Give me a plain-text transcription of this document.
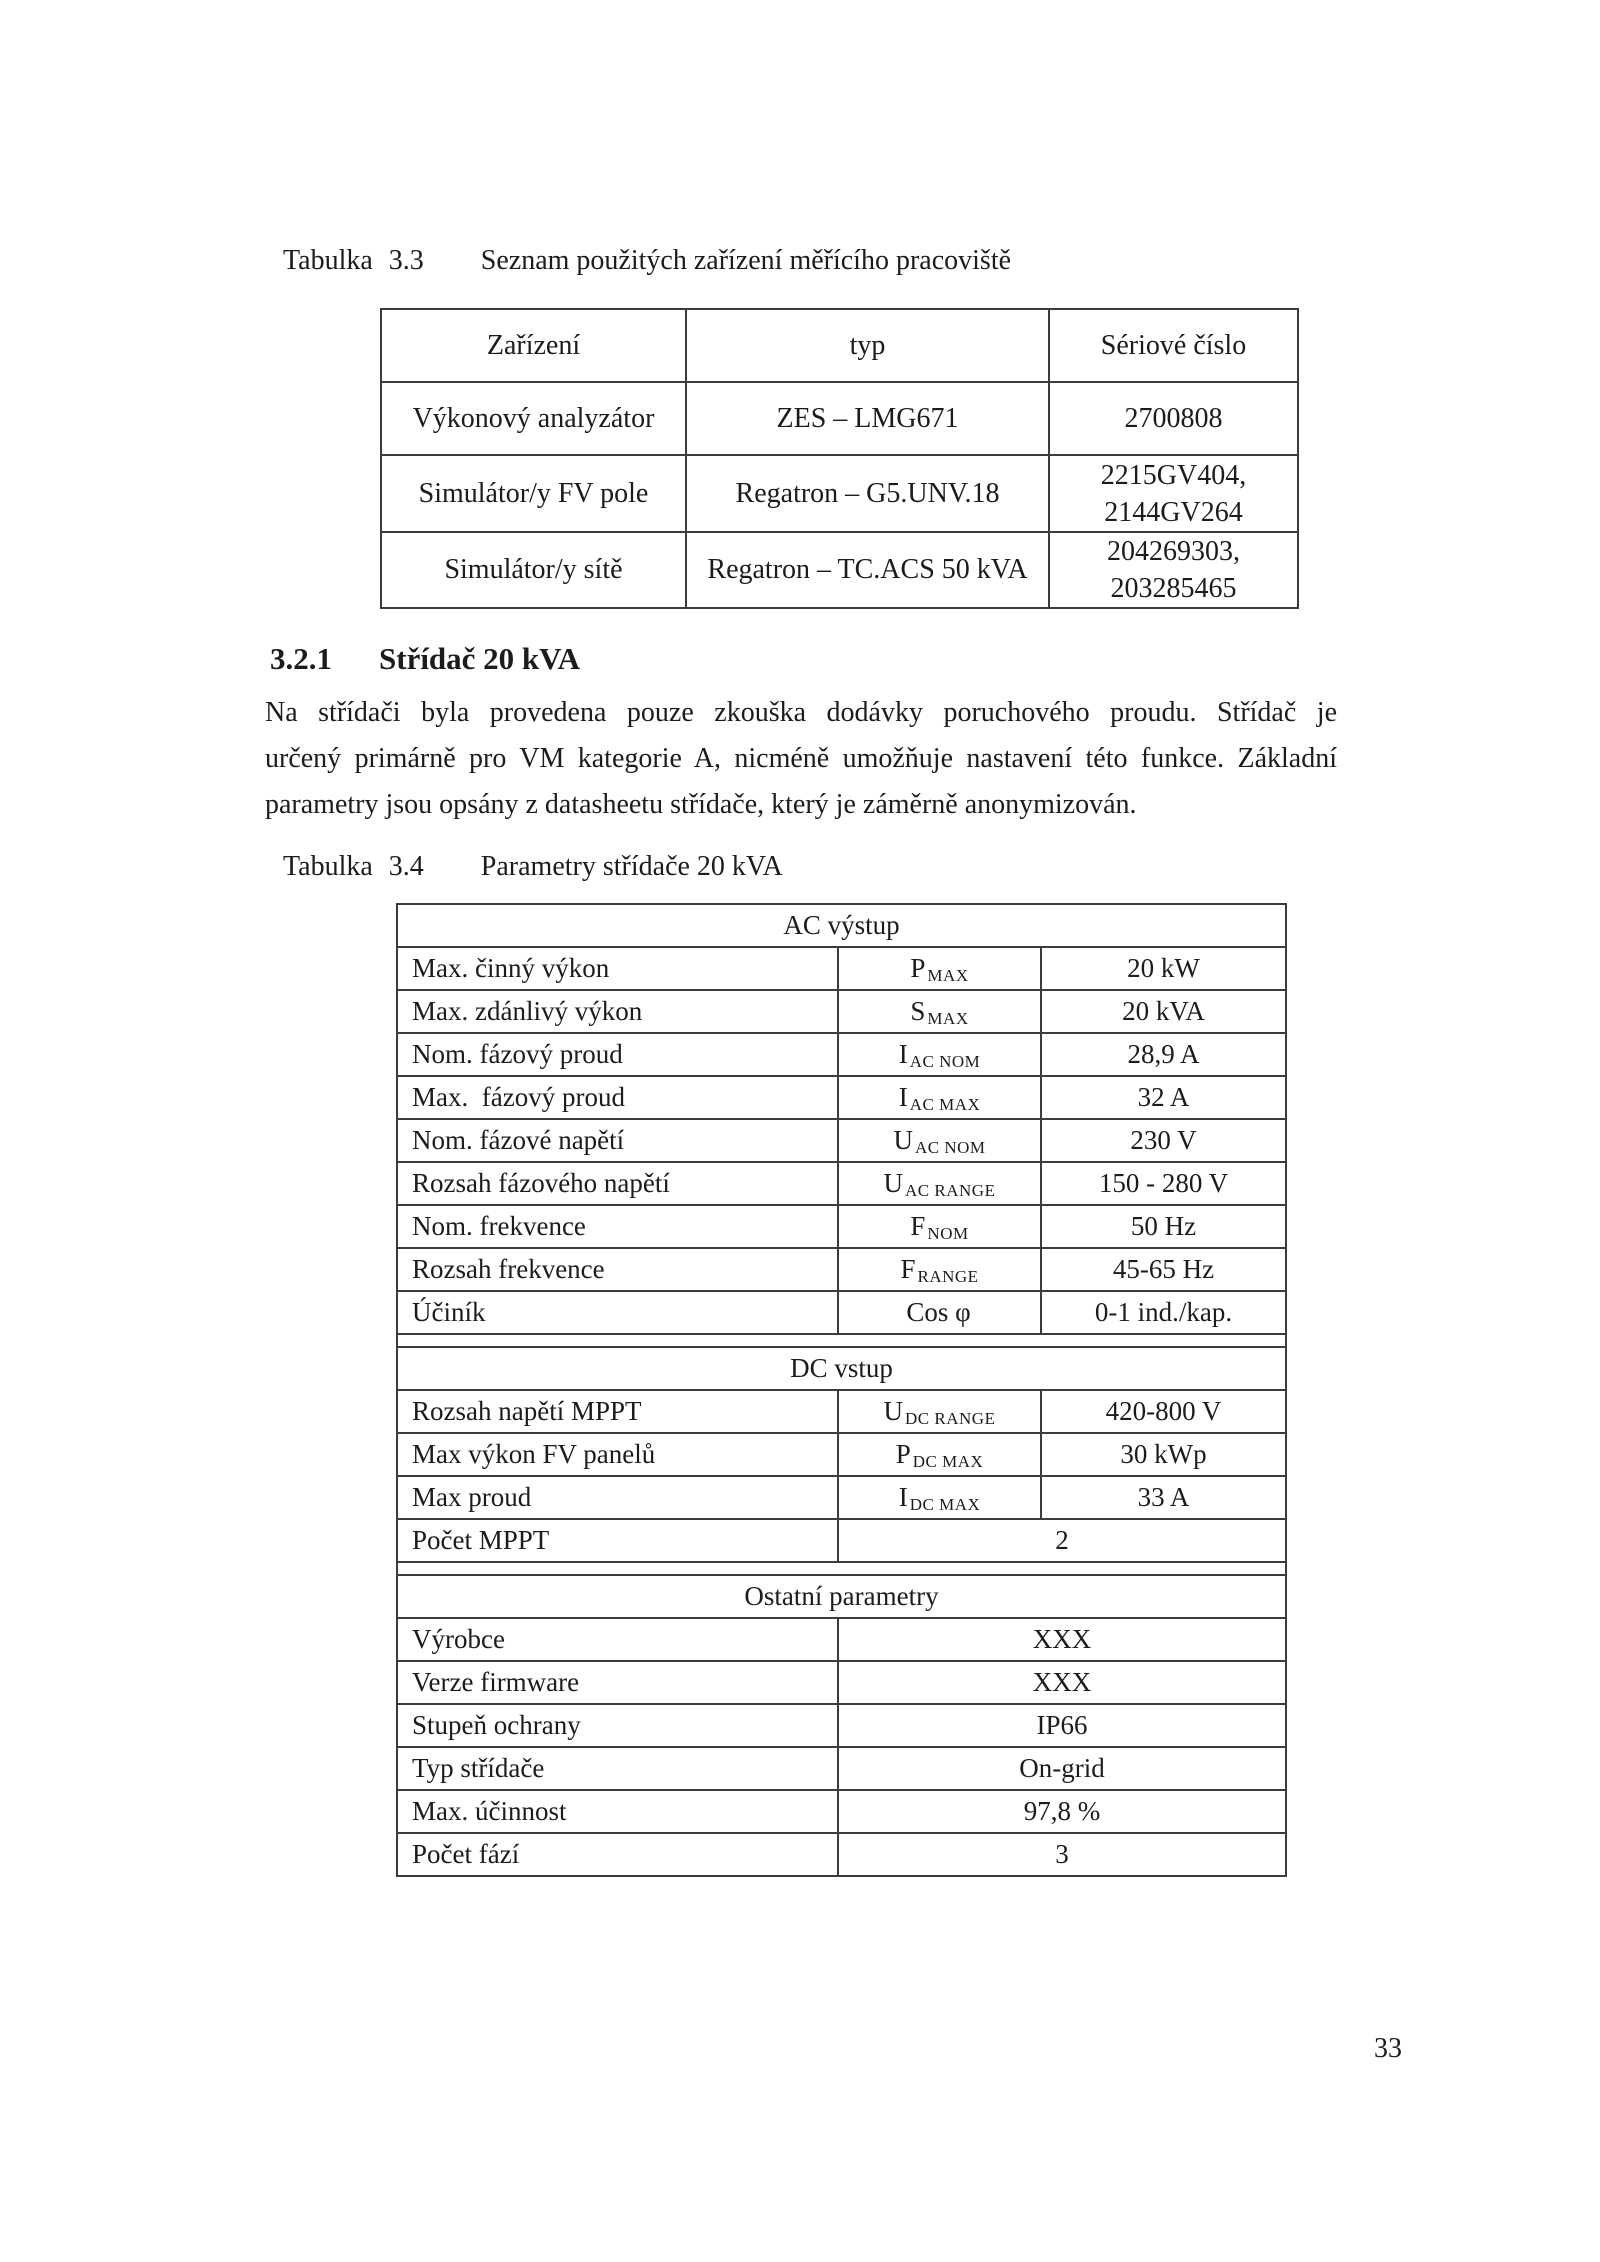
Tabulka 3.3 Seznam použitých zařízení měřícího pracoviště

Zařízení	typ	Sériové číslo
Výkonový analyzátor	ZES – LMG671	2700808
Simulátor/y FV pole	Regatron – G5.UNV.18	2215GV404,
2144GV264

Simulátor/y sítě	Regatron – TC.ACS 50 kVA	204269303,
203285465
3.2.1 Střídač 20 kVA
Na střídači byla provedena pouze zkouška dodávky poruchového proudu. Střídač je
určený primárně pro VM kategorie A, nicméně umožňuje nastavení této funkce. Základní
parametry jsou opsány z datasheetu střídače, který je záměrně anonymizován.

Tabulka 3.4 Parametry střídače 20 kVA

AC výstup		
Max. činný výkon	P $_{MAX}$	20 kW
Max. zdánlivý výkon	S $_{MAX}$	20 kVA
Nom. fázový proud	I $_{AC NOM}$	28,9 A
Max.  fázový proud	I $_{AC MAX}$	32 A
Nom. fázové napětí	U $_{AC NOM}$	230 V
Rozsah fázového napětí	U $_{AC RANGE}$	150 - 280 V
Nom. frekvence	F $_{NOM}$	50 Hz
Rozsah frekvence	F $_{RANGE}$	45-65 Hz
Účiník	Cos φ	0-1 ind./kap.

DC vstup		
Rozsah napětí MPPT	U $_{DC RANGE}$	420-800 V
Max výkon FV panelů	P $_{DC MAX}$	30 kWp
Max proud	I $_{DC MAX}$	33 A
Počet MPPT	2	

Ostatní parametry		
Výrobce	XXX	
Verze firmware	XXX	
Stupeň ochrany	IP66	
Typ střídače	On-grid	
Max. účinnost	97,8 %	
Počet fází	3	
33
